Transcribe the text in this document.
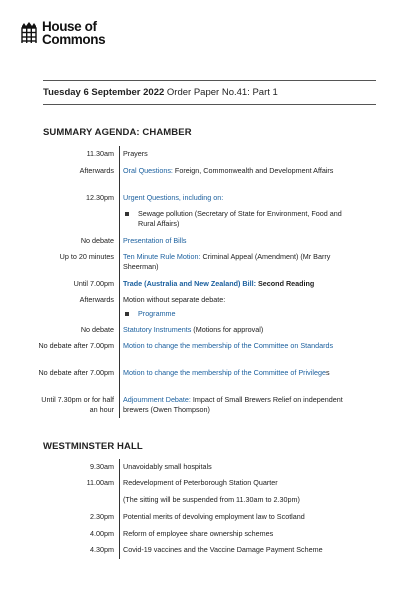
House of
Commons
Tuesday 6 September 2022 Order Paper No.41: Part 1
SUMMARY AGENDA: CHAMBER
11.30am Prayers
Afterwards Oral Questions: Foreign, Commonwealth and Development Affairs
12.30pm Urgent Questions, including on:
Sewage pollution (Secretary of State for Environment, Food and Rural Affairs)
No debate Presentation of Bills
Up to 20 minutes Ten Minute Rule Motion: Criminal Appeal (Amendment) (Mr Barry Sheerman)
Until 7.00pm Trade (Australia and New Zealand) Bill: Second Reading
Afterwards Motion without separate debate:
Programme
No debate Statutory Instruments (Motions for approval)
No debate after 7.00pm Motion to change the membership of the Committee on Standards
No debate after 7.00pm Motion to change the membership of the Committee of Privileges
Until 7.30pm or for half an hour
Adjournment Debate: Impact of Small Brewers Relief on independent brewers (Owen Thompson)
WESTMINSTER HALL
9.30am Unavoidably small hospitals
11.00am Redevelopment of Peterborough Station Quarter
(The sitting will be suspended from 11.30am to 2.30pm)
2.30pm Potential merits of devolving employment law to Scotland
4.00pm Reform of employee share ownership schemes
4.30pm Covid-19 vaccines and the Vaccine Damage Payment Scheme
